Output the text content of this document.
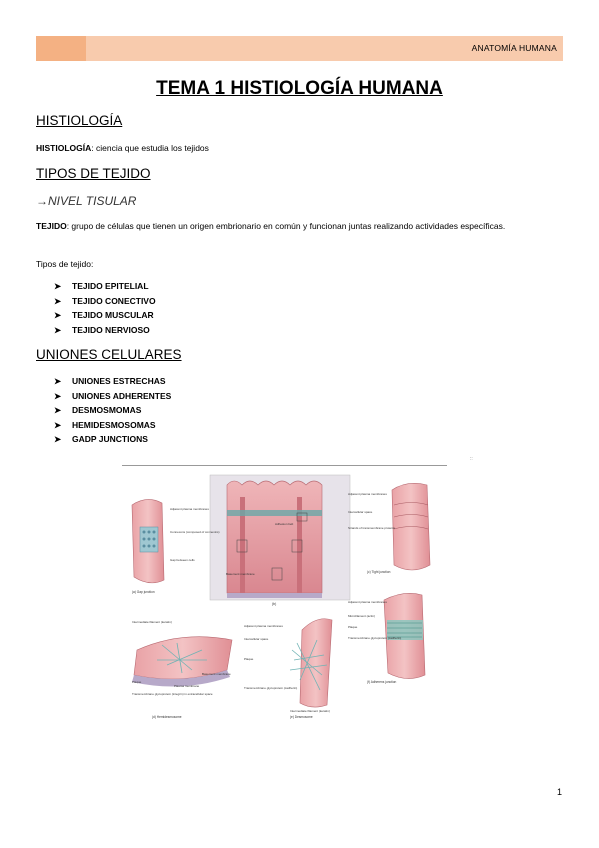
ANATOMÍA HUMANA
TEMA 1 HISTIOLOGÍA HUMANA
HISTIOLOGÍA
HISTIOLOGÍA: ciencia que estudia los tejidos
TIPOS DE TEJIDO
→NIVEL TISULAR
TEJIDO: grupo de células que tienen un origen embrionario en común y funcionan juntas realizando actividades específicas.
Tipos de tejido:
➤ TEJIDO EPITELIAL
➤ TEJIDO CONECTIVO
➤ TEJIDO MUSCULAR
➤ TEJIDO NERVIOSO
UNIONES CELULARES
➤ UNIONES ESTRECHAS
➤ UNIONES ADHERENTES
➤ DESMOSMOMAS
➤ HEMIDESMOSOMAS
➤ GADP JUNCTIONS
::
(b)
Adhesion belt
Basement membrane
Adjacent plasma membranes
Connexons (composed of connexins)
Gap between cells
(a) Gap junction
Adjacent plasma membranes
Intercellular space
Strands of transmembrane proteins
(c) Tight junction
Adjacent plasma membranes
Microfilament (actin)
Plaque
Transmembrane glycoprotein (cadherin)
(f) Adherens junction
Adjacent plasma membranes
Intercellular space
Plaque
Transmembrane glycoprotein (cadherin)
Intermediate filament (keratin)
(e) Desmosome
Intermediate filament (keratin)
Basement membrane
Plaque
Plasma membrane
Transmembrane glycoprotein (integrin) in extracellular space
(d) Hemidesmosome
1
